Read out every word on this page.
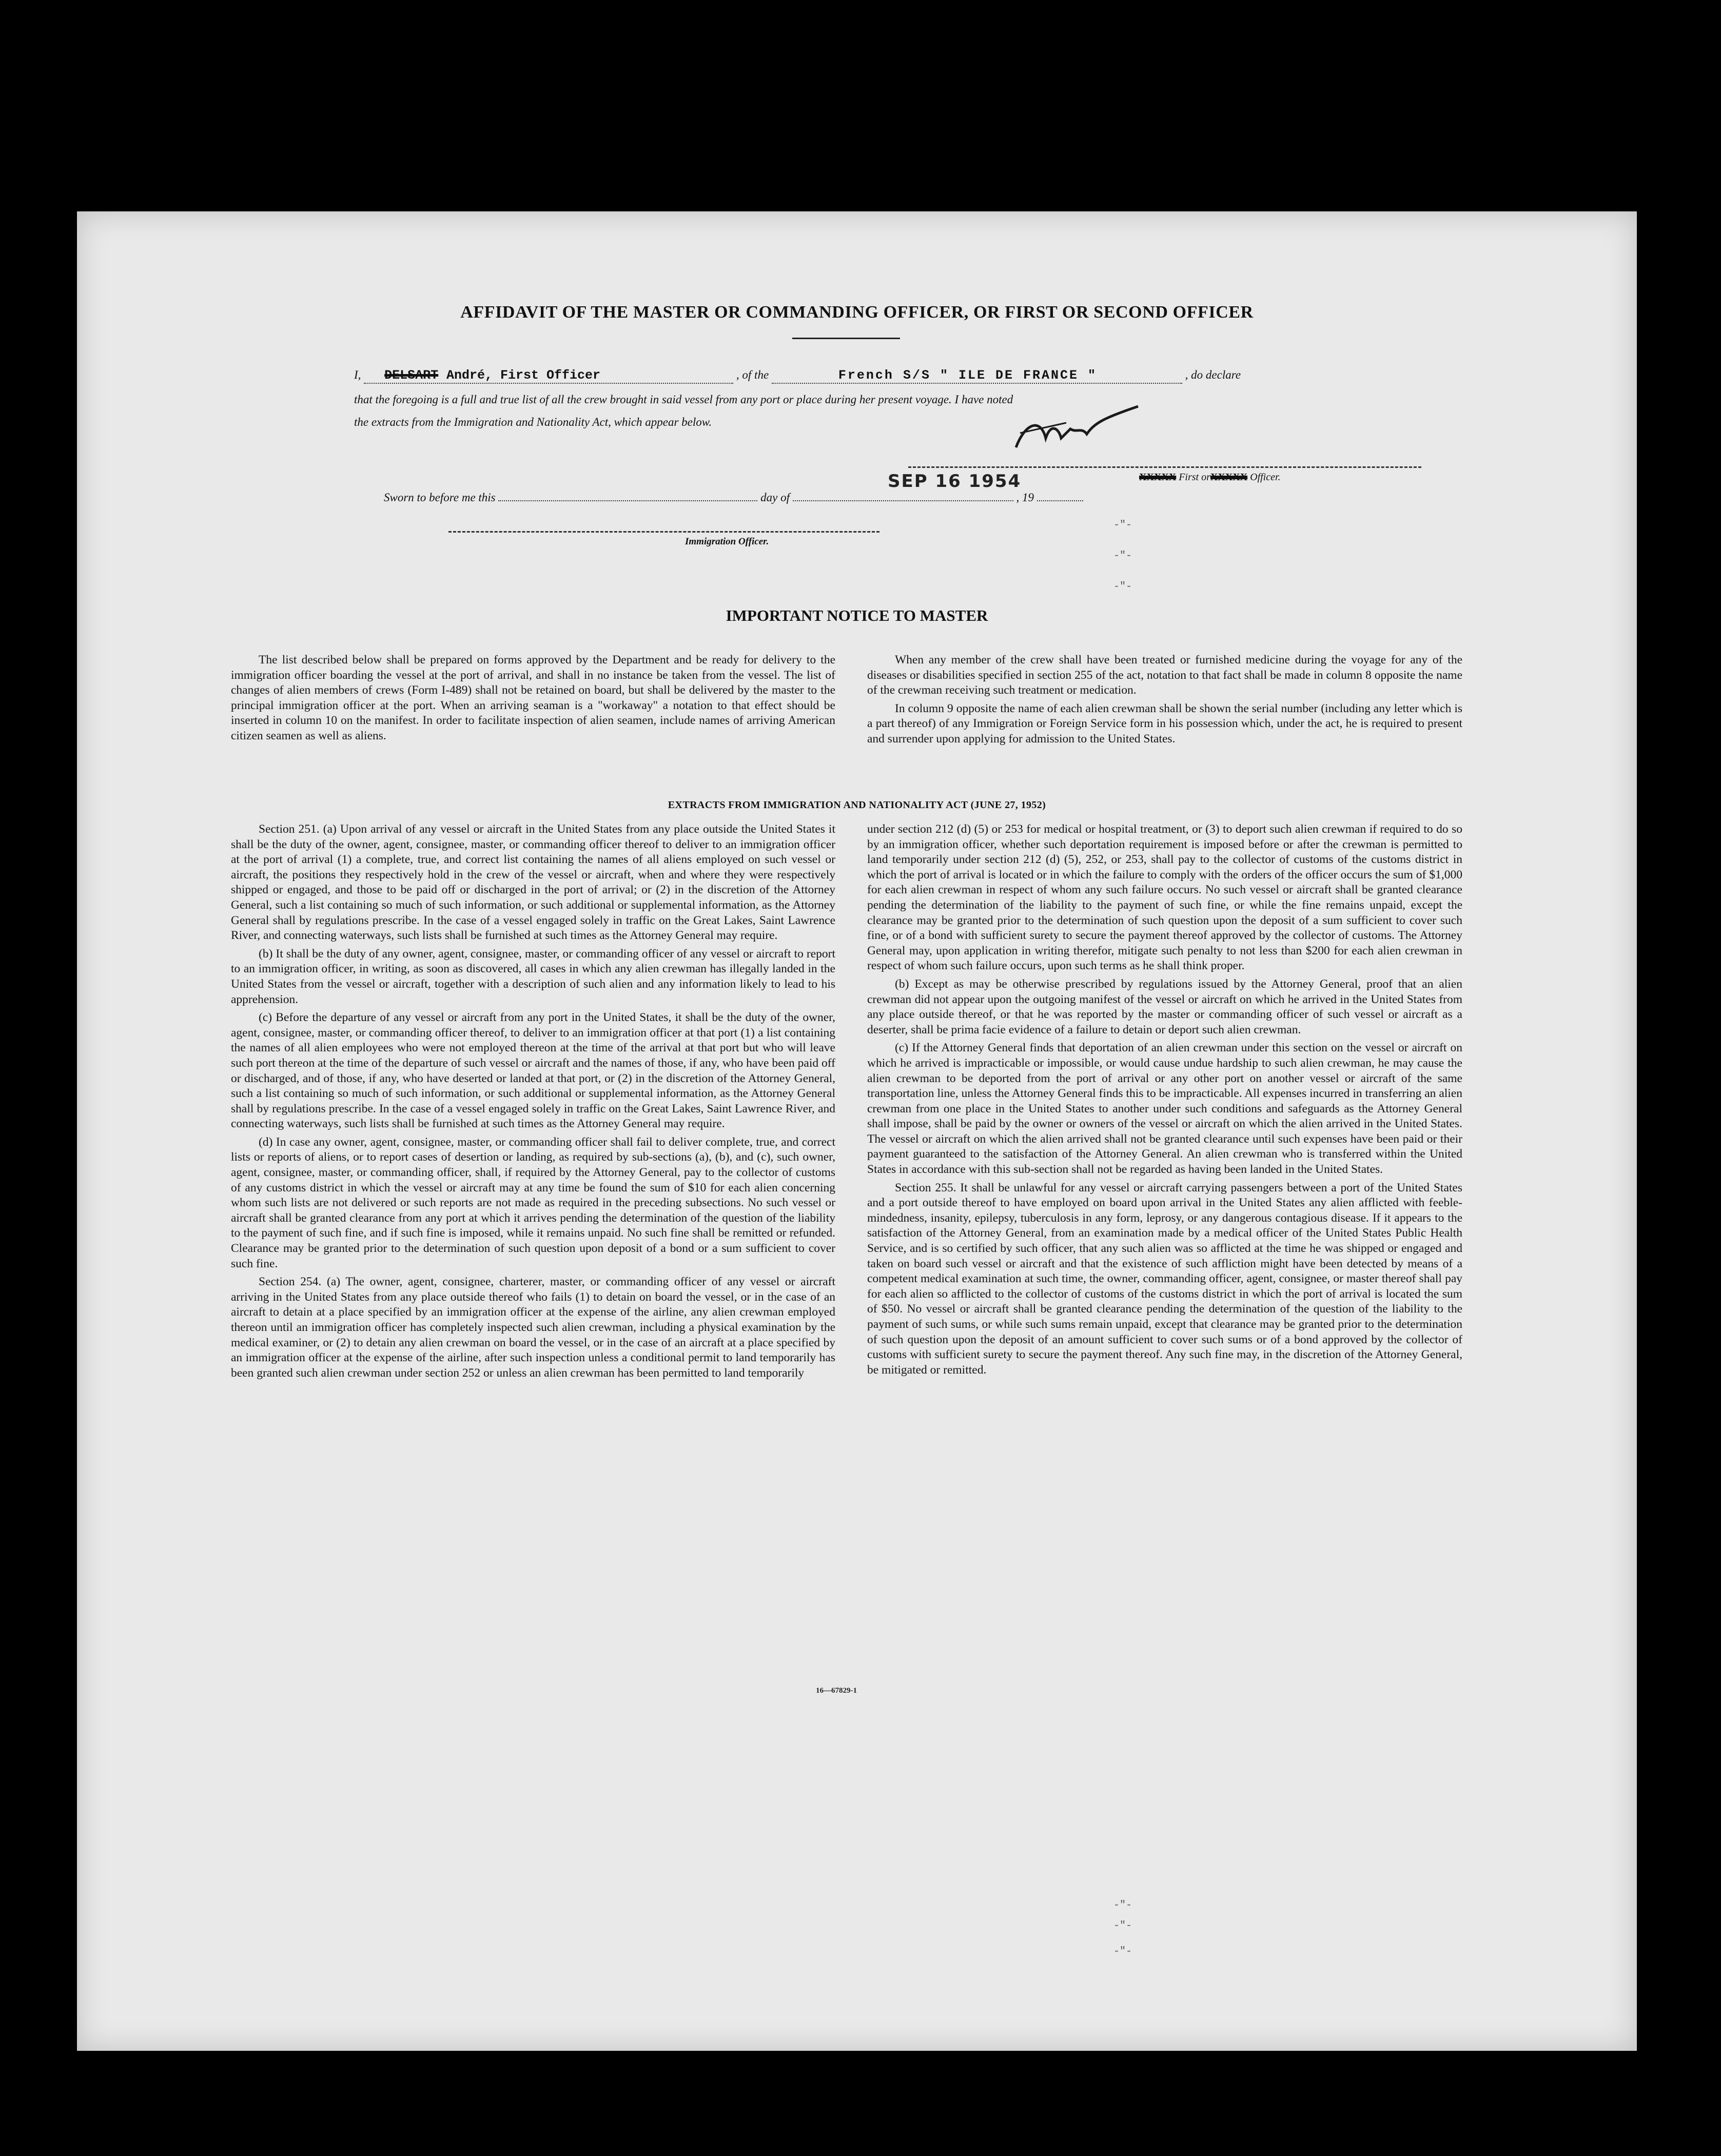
AFFIDAVIT OF THE MASTER OR COMMANDING OFFICER, OR FIRST OR SECOND OFFICER
I, DELSART André, First Officer	, of the	French S/S " ILE DE FRANCE "	, do declare
that the foregoing is a full and true list of all the crew brought in said vessel from any port or place during her present voyage. I have noted
the extracts from the Immigration and Nationality Act, which appear below.
XXXXX First orXXXXX Officer.
Sworn to before me this	day of	, 19
SEP 16 1954
Immigration Officer.
-"-
-"-
-"-
-"-
-"-
-"-
IMPORTANT NOTICE TO MASTER

The list described below shall be prepared on forms approved by the Department and be ready for delivery to the immigration officer boarding the vessel at the port of arrival, and shall in no instance be taken from the vessel. The list of changes of alien members of crews (Form I-489) shall not be retained on board, but shall be delivered by the master to the principal immigration officer at the port. When an arriving seaman is a "workaway" a notation to that effect should be inserted in column 10 on the manifest. In order to facilitate inspection of alien seamen, include names of arriving American citizen seamen as well as aliens.

When any member of the crew shall have been treated or furnished medicine during the voyage for any of the diseases or disabilities specified in section 255 of the act, notation to that fact shall be made in column 8 opposite the name of the crewman receiving such treatment or medication.

In column 9 opposite the name of each alien crewman shall be shown the serial number (including any letter which is a part thereof) of any Immigration or Foreign Service form in his possession which, under the act, he is required to present and surrender upon applying for admission to the United States.

EXTRACTS FROM IMMIGRATION AND NATIONALITY ACT (JUNE 27, 1952)

Section 251. (a) Upon arrival of any vessel or aircraft in the United States from any place outside the United States it shall be the duty of the owner, agent, consignee, master, or commanding officer thereof to deliver to an immigration officer at the port of arrival (1) a complete, true, and correct list containing the names of all aliens employed on such vessel or aircraft, the positions they respectively hold in the crew of the vessel or aircraft, when and where they were respectively shipped or engaged, and those to be paid off or discharged in the port of arrival; or (2) in the discretion of the Attorney General, such a list containing so much of such information, or such additional or supplemental information, as the Attorney General shall by regulations prescribe. In the case of a vessel engaged solely in traffic on the Great Lakes, Saint Lawrence River, and connecting waterways, such lists shall be furnished at such times as the Attorney General may require.

(b) It shall be the duty of any owner, agent, consignee, master, or commanding officer of any vessel or aircraft to report to an immigration officer, in writing, as soon as discovered, all cases in which any alien crewman has illegally landed in the United States from the vessel or aircraft, together with a description of such alien and any information likely to lead to his apprehension.

(c) Before the departure of any vessel or aircraft from any port in the United States, it shall be the duty of the owner, agent, consignee, master, or commanding officer thereof, to deliver to an immigration officer at that port (1) a list containing the names of all alien employees who were not employed thereon at the time of the arrival at that port but who will leave such port thereon at the time of the departure of such vessel or aircraft and the names of those, if any, who have been paid off or discharged, and of those, if any, who have deserted or landed at that port, or (2) in the discretion of the Attorney General, such a list containing so much of such information, or such additional or supplemental information, as the Attorney General shall by regulations prescribe. In the case of a vessel engaged solely in traffic on the Great Lakes, Saint Lawrence River, and connecting waterways, such lists shall be furnished at such times as the Attorney General may require.

(d) In case any owner, agent, consignee, master, or commanding officer shall fail to deliver complete, true, and correct lists or reports of aliens, or to report cases of desertion or landing, as required by sub-sections (a), (b), and (c), such owner, agent, consignee, master, or commanding officer, shall, if required by the Attorney General, pay to the collector of customs of any customs district in which the vessel or aircraft may at any time be found the sum of $10 for each alien concerning whom such lists are not delivered or such reports are not made as required in the preceding subsections. No such vessel or aircraft shall be granted clearance from any port at which it arrives pending the determination of the question of the liability to the payment of such fine, and if such fine is imposed, while it remains unpaid. No such fine shall be remitted or refunded. Clearance may be granted prior to the determination of such question upon deposit of a bond or a sum sufficient to cover such fine.

Section 254. (a) The owner, agent, consignee, charterer, master, or commanding officer of any vessel or aircraft arriving in the United States from any place outside thereof who fails (1) to detain on board the vessel, or in the case of an aircraft to detain at a place specified by an immigration officer at the expense of the airline, any alien crewman employed thereon until an immigration officer has completely inspected such alien crewman, including a physical examination by the medical examiner, or (2) to detain any alien crewman on board the vessel, or in the case of an aircraft at a place specified by an immigration officer at the expense of the airline, after such inspection unless a conditional permit to land temporarily has been granted such alien crewman under section 252 or unless an alien crewman has been permitted to land temporarily

under section 212 (d) (5) or 253 for medical or hospital treatment, or (3) to deport such alien crewman if required to do so by an immigration officer, whether such deportation requirement is imposed before or after the crewman is permitted to land temporarily under section 212 (d) (5), 252, or 253, shall pay to the collector of customs of the customs district in which the port of arrival is located or in which the failure to comply with the orders of the officer occurs the sum of $1,000 for each alien crewman in respect of whom any such failure occurs. No such vessel or aircraft shall be granted clearance pending the determination of the liability to the payment of such fine, or while the fine remains unpaid, except the clearance may be granted prior to the determination of such question upon the deposit of a sum sufficient to cover such fine, or of a bond with sufficient surety to secure the payment thereof approved by the collector of customs. The Attorney General may, upon application in writing therefor, mitigate such penalty to not less than $200 for each alien crewman in respect of whom such failure occurs, upon such terms as he shall think proper.

(b) Except as may be otherwise prescribed by regulations issued by the Attorney General, proof that an alien crewman did not appear upon the outgoing manifest of the vessel or aircraft on which he arrived in the United States from any place outside thereof, or that he was reported by the master or commanding officer of such vessel or aircraft as a deserter, shall be prima facie evidence of a failure to detain or deport such alien crewman.

(c) If the Attorney General finds that deportation of an alien crewman under this section on the vessel or aircraft on which he arrived is impracticable or impossible, or would cause undue hardship to such alien crewman, he may cause the alien crewman to be deported from the port of arrival or any other port on another vessel or aircraft of the same transportation line, unless the Attorney General finds this to be impracticable. All expenses incurred in transferring an alien crewman from one place in the United States to another under such conditions and safeguards as the Attorney General shall impose, shall be paid by the owner or owners of the vessel or aircraft on which the alien arrived in the United States. The vessel or aircraft on which the alien arrived shall not be granted clearance until such expenses have been paid or their payment guaranteed to the satisfaction of the Attorney General. An alien crewman who is transferred within the United States in accordance with this sub-section shall not be regarded as having been landed in the United States.

Section 255. It shall be unlawful for any vessel or aircraft carrying passengers between a port of the United States and a port outside thereof to have employed on board upon arrival in the United States any alien afflicted with feeble-mindedness, insanity, epilepsy, tuberculosis in any form, leprosy, or any dangerous contagious disease. If it appears to the satisfaction of the Attorney General, from an examination made by a medical officer of the United States Public Health Service, and is so certified by such officer, that any such alien was so afflicted at the time he was shipped or engaged and taken on board such vessel or aircraft and that the existence of such affliction might have been detected by means of a competent medical examination at such time, the owner, commanding officer, agent, consignee, or master thereof shall pay for each alien so afflicted to the collector of customs of the customs district in which the port of arrival is located the sum of $50. No vessel or aircraft shall be granted clearance pending the determination of the question of the liability to the payment of such sums, or while such sums remain unpaid, except that clearance may be granted prior to the determination of such question upon the deposit of an amount sufficient to cover such sums or of a bond approved by the collector of customs with sufficient surety to secure the payment thereof. Any such fine may, in the discretion of the Attorney General, be mitigated or remitted.

16—67829-1
